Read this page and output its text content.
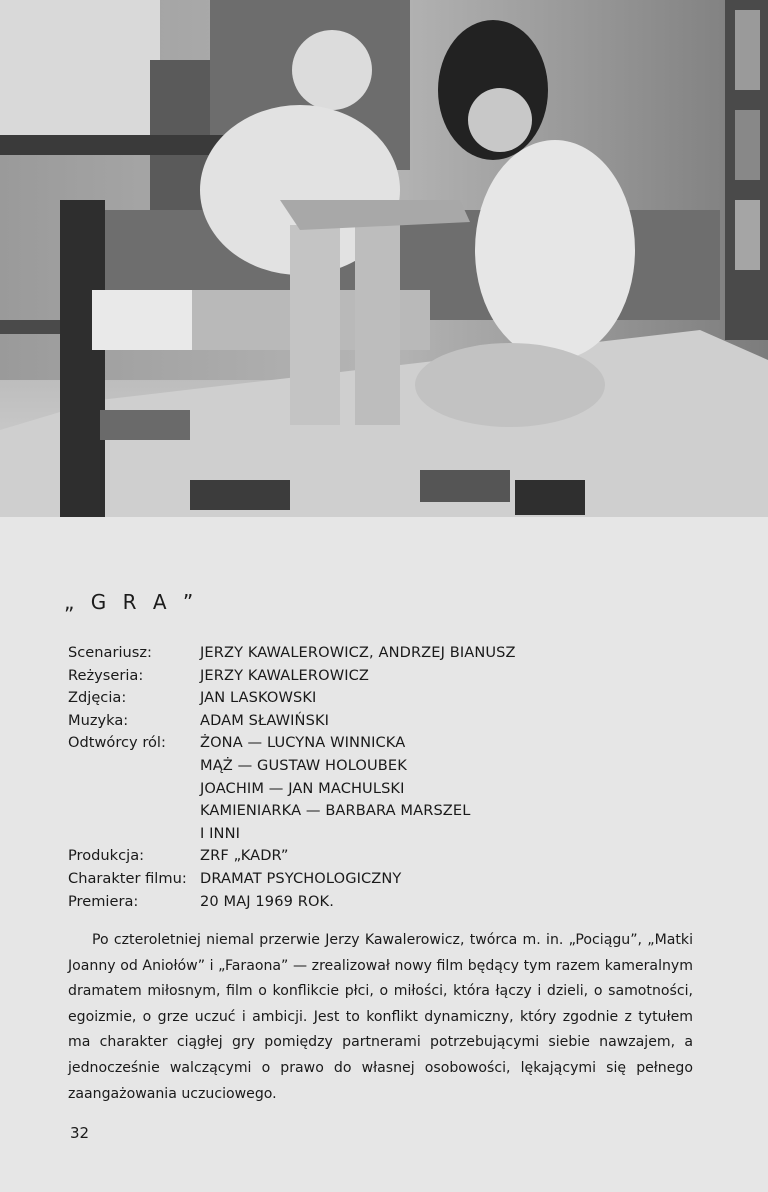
„ G R A ”
Scenariusz:	JERZY KAWALEROWICZ, ANDRZEJ BIANUSZ
Reżyseria:	JERZY KAWALEROWICZ
Zdjęcia:	JAN LASKOWSKI
Muzyka:	ADAM SŁAWIŃSKI
Odtwórcy ról:	ŻONA — LUCYNA WINNICKA
MĄŻ — GUSTAW HOLOUBEK
JOACHIM — JAN MACHULSKI
KAMIENIARKA — BARBARA MARSZEL
I INNI
Produkcja:	ZRF „KADR”
Charakter filmu: DRAMAT PSYCHOLOGICZNY
Premiera:	20 MAJ 1969 ROK.
Po czteroletniej niemal przerwie Jerzy Kawalerowicz, twórca m. in. „Pociągu”, „Matki Joanny od Aniołów” i „Faraona” — zrealizował nowy film będący tym razem kameralnym dramatem miłosnym, film o konflikcie płci, o miłości, która łączy i dzieli, o samotności, egoizmie, o grze uczuć i ambicji. Jest to konflikt dynamiczny, który zgodnie z tytułem ma charakter ciągłej gry pomiędzy partnerami potrzebującymi siebie nawzajem, a jednocześnie walczącymi o prawo do własnej osobowości, lękającymi się pełnego zaangażowania uczuciowego.
32
